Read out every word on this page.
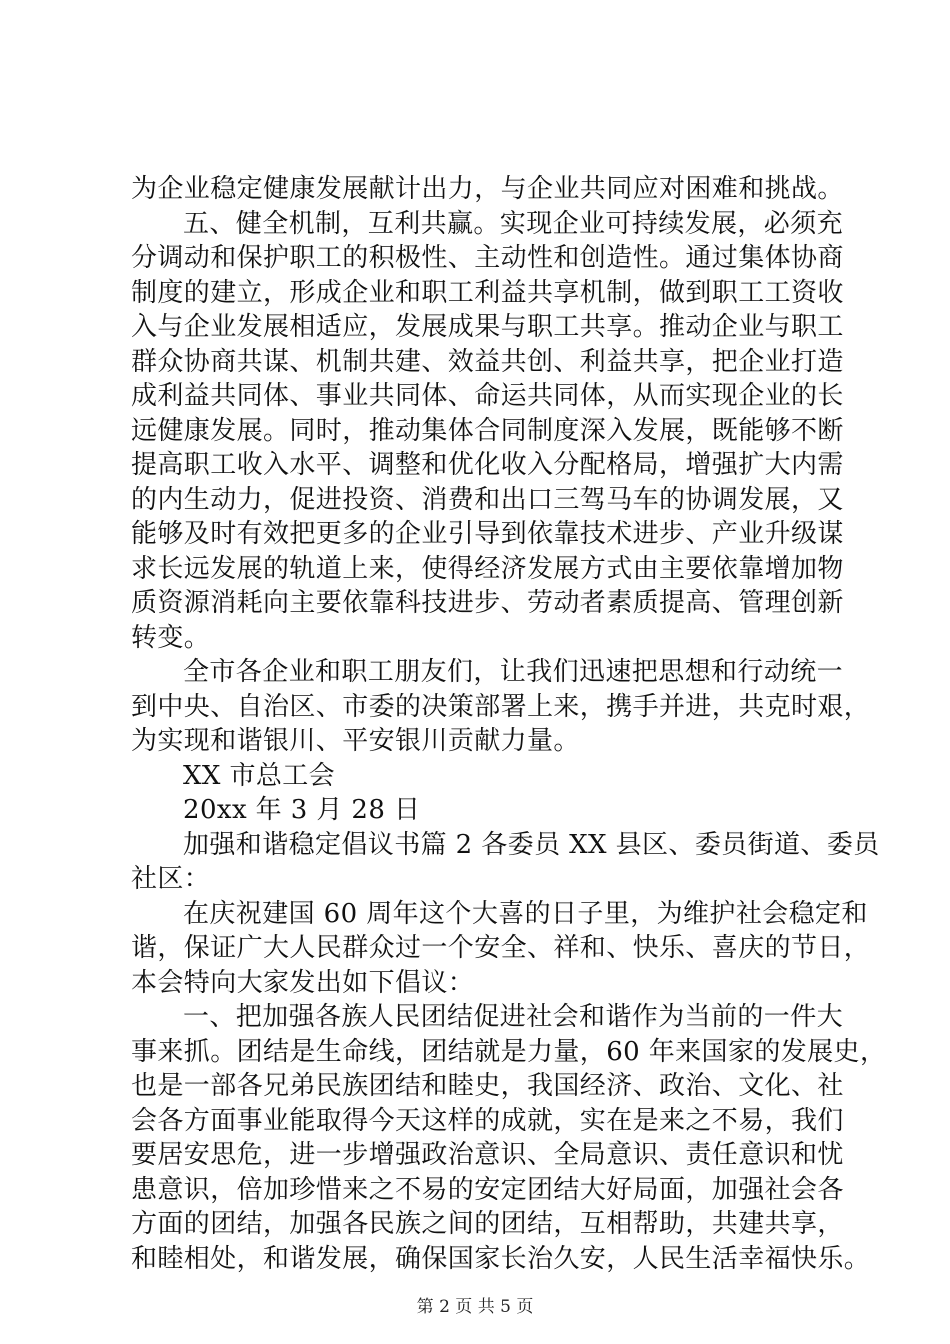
为企业稳定健康发展献计出力，与企业共同应对困难和挑战。
五、健全机制，互利共赢。实现企业可持续发展，必须充
分调动和保护职工的积极性、主动性和创造性。通过集体协商
制度的建立，形成企业和职工利益共享机制，做到职工工资收
入与企业发展相适应，发展成果与职工共享。推动企业与职工
群众协商共谋、机制共建、效益共创、利益共享，把企业打造
成利益共同体、事业共同体、命运共同体，从而实现企业的长
远健康发展。同时，推动集体合同制度深入发展，既能够不断
提高职工收入水平、调整和优化收入分配格局，增强扩大内需
的内生动力，促进投资、消费和出口三驾马车的协调发展，又
能够及时有效把更多的企业引导到依靠技术进步、产业升级谋
求长远发展的轨道上来，使得经济发展方式由主要依靠增加物
质资源消耗向主要依靠科技进步、劳动者素质提高、管理创新
转变。
全市各企业和职工朋友们，让我们迅速把思想和行动统一
到中央、自治区、市委的决策部署上来，携手并进，共克时艰，
为实现和谐银川、平安银川贡献力量。
XX 市总工会
20xx 年 3 月 28 日
加强和谐稳定倡议书篇 2 各委员 XX 县区、委员街道、委员
社区：
在庆祝建国 60 周年这个大喜的日子里，为维护社会稳定和
谐，保证广大人民群众过一个安全、祥和、快乐、喜庆的节日，
本会特向大家发出如下倡议：
一、把加强各族人民团结促进社会和谐作为当前的一件大
事来抓。团结是生命线，团结就是力量，60 年来国家的发展史，
也是一部各兄弟民族团结和睦史，我国经济、政治、文化、社
会各方面事业能取得今天这样的成就，实在是来之不易，我们
要居安思危，进一步增强政治意识、全局意识、责任意识和忧
患意识，倍加珍惜来之不易的安定团结大好局面，加强社会各
方面的团结，加强各民族之间的团结，互相帮助，共建共享，
和睦相处，和谐发展，确保国家长治久安，人民生活幸福快乐。
第 2 页 共 5 页
